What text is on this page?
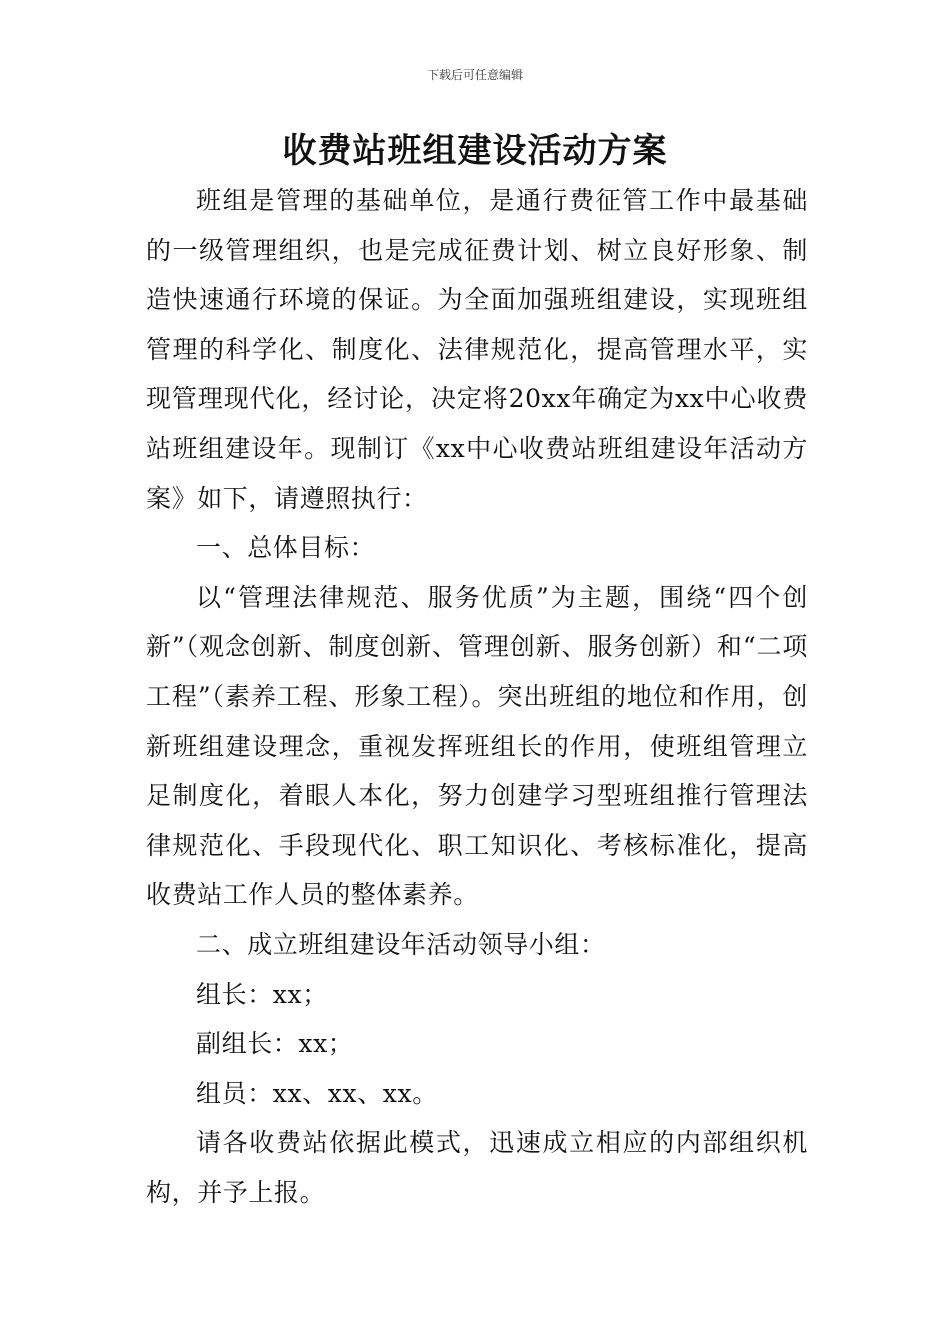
下载后可任意编辑
收费站班组建设活动方案

班组是管理的基础单位，是通行费征管工作中最基础的一级管理组织，也是完成征费计划、树立良好形象、制造快速通行环境的保证。为全面加强班组建设，实现班组管理的科学化、制度化、法律规范化，提高管理水平，实现管理现代化，经讨论，决定将20xx年确定为xx中心收费站班组建设年。现制订《xx中心收费站班组建设年活动方案》如下，请遵照执行：

一、总体目标：

以“管理法律规范、服务优质”为主题，围绕“四个创新”（观念创新、制度创新、管理创新、服务创新）和“二项工程”（素养工程、形象工程）。突出班组的地位和作用，创新班组建设理念，重视发挥班组长的作用，使班组管理立足制度化，着眼人本化，努力创建学习型班组推行管理法律规范化、手段现代化、职工知识化、考核标准化，提高收费站工作人员的整体素养。

二、成立班组建设年活动领导小组：

组长：xx；

副组长：xx；

组员：xx、xx、xx。

请各收费站依据此模式，迅速成立相应的内部组织机构，并予上报。
